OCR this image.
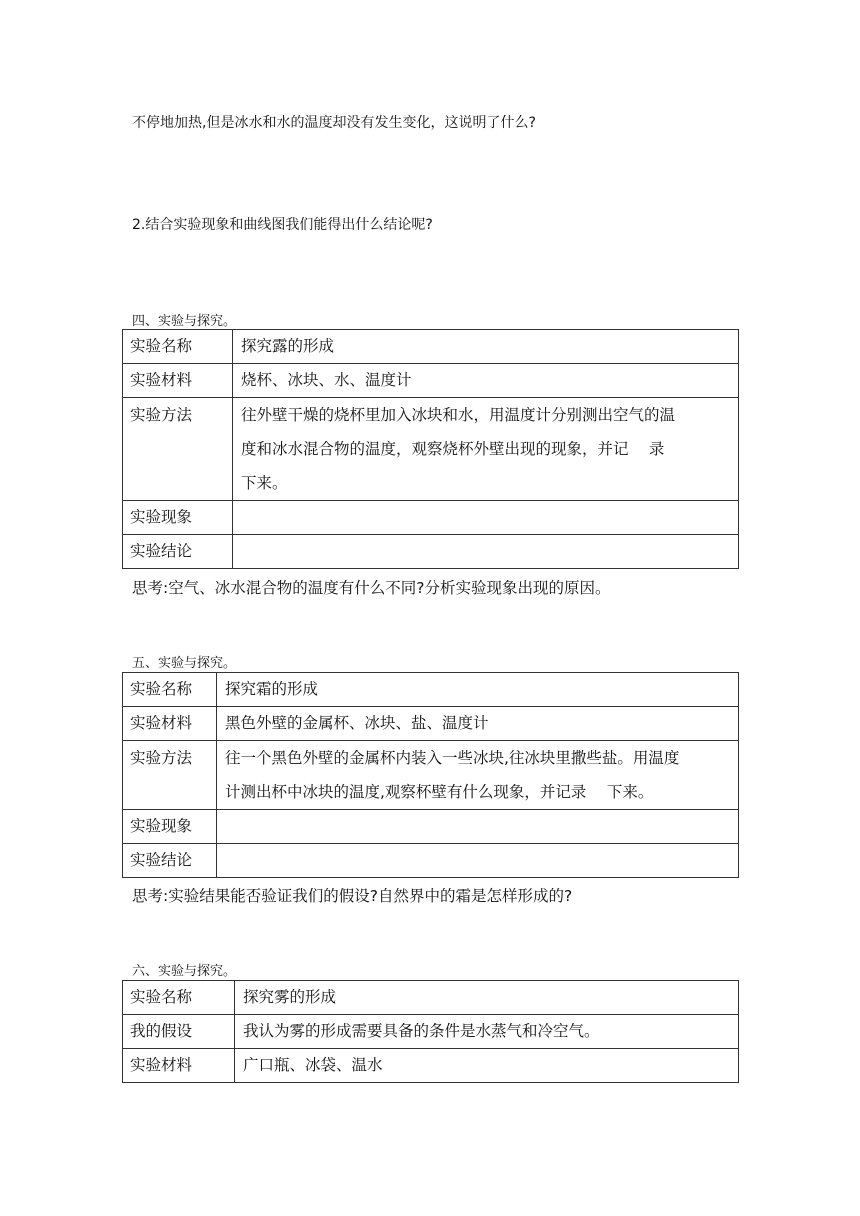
不停地加热,但是冰水和水的温度却没有发生变化，这说明了什么?
2.结合实验现象和曲线图我们能得出什么结论呢?
四、实验与探究。
实验名称	探究露的形成
实验材料	烧杯、冰块、水、温度计
实验方法	往外壁干燥的烧杯里加入冰块和水，用温度计分别测出空气的温
度和冰水混合物的温度，观察烧杯外壁出现的现象，并记　 录
下来。

实验现象	
实验结论	
思考:空气、冰水混合物的温度有什么不同?分析实验现象出现的原因。
五、实验与探究。
实验名称	探究霜的形成
实验材料	黑色外壁的金属杯、冰块、盐、温度计
实验方法	往一个黑色外壁的金属杯内装入一些冰块,往冰块里撒些盐。用温度
计测出杯中冰块的温度,观察杯壁有什么现象，并记录　 下来。

实验现象	
实验结论	
思考:实验结果能否验证我们的假设?自然界中的霜是怎样形成的?
六、实验与探究。
实验名称	探究雾的形成
我的假设	我认为雾的形成需要具备的条件是水蒸气和冷空气。
实验材料	广口瓶、冰袋、温水
